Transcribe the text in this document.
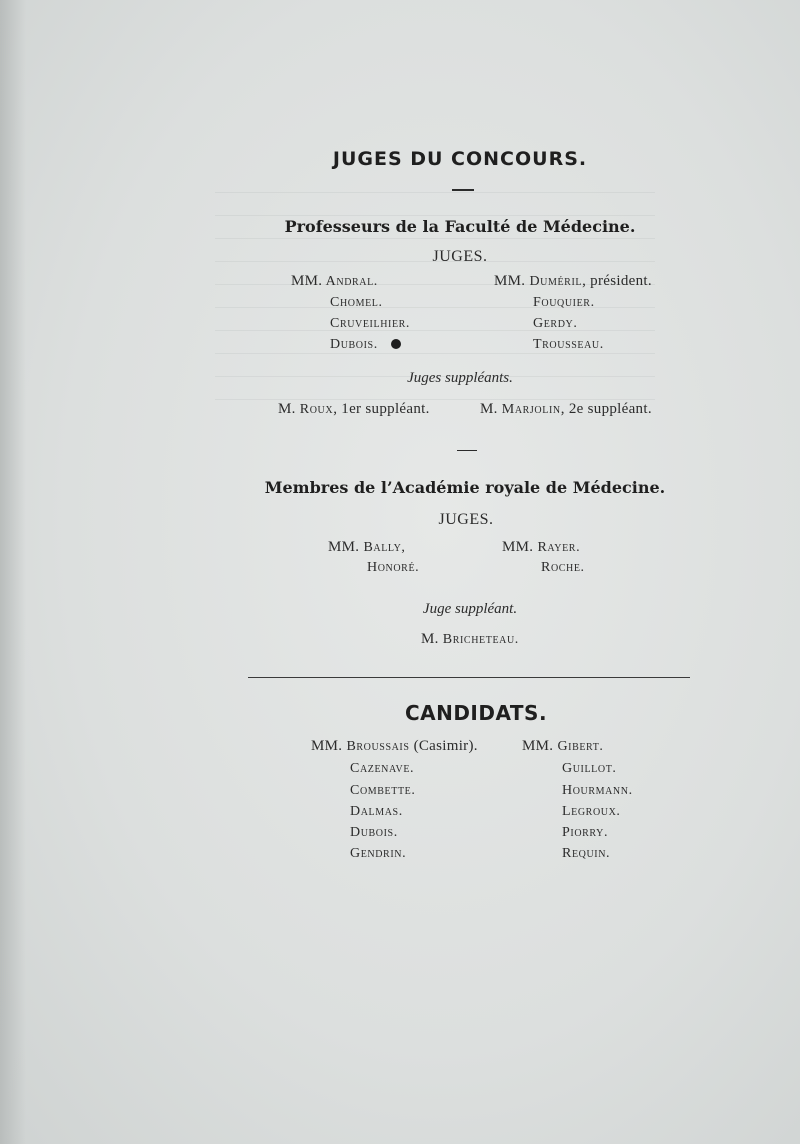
JUGES DU CONCOURS.
Professeurs de la Faculté de Médecine.
JUGES.
MM. Andral.
Chomel.
Cruveilhier.
Dubois.
MM. Duméril, président.
Fouquier.
Gerdy.
Trousseau.
Juges suppléants.
M. Roux, 1er suppléant.	M. Marjolin, 2e suppléant.
Membres de l’Académie royale de Médecine.
JUGES.
MM. Bally,
Honoré.
MM. Rayer.
Roche.
Juge suppléant.
M. Bricheteau.
CANDIDATS.
MM. Broussais (Casimir).
Cazenave.
Combette.
Dalmas.
Dubois.
Gendrin.
MM. Gibert.
Guillot.
Hourmann.
Legroux.
Piorry.
Requin.
